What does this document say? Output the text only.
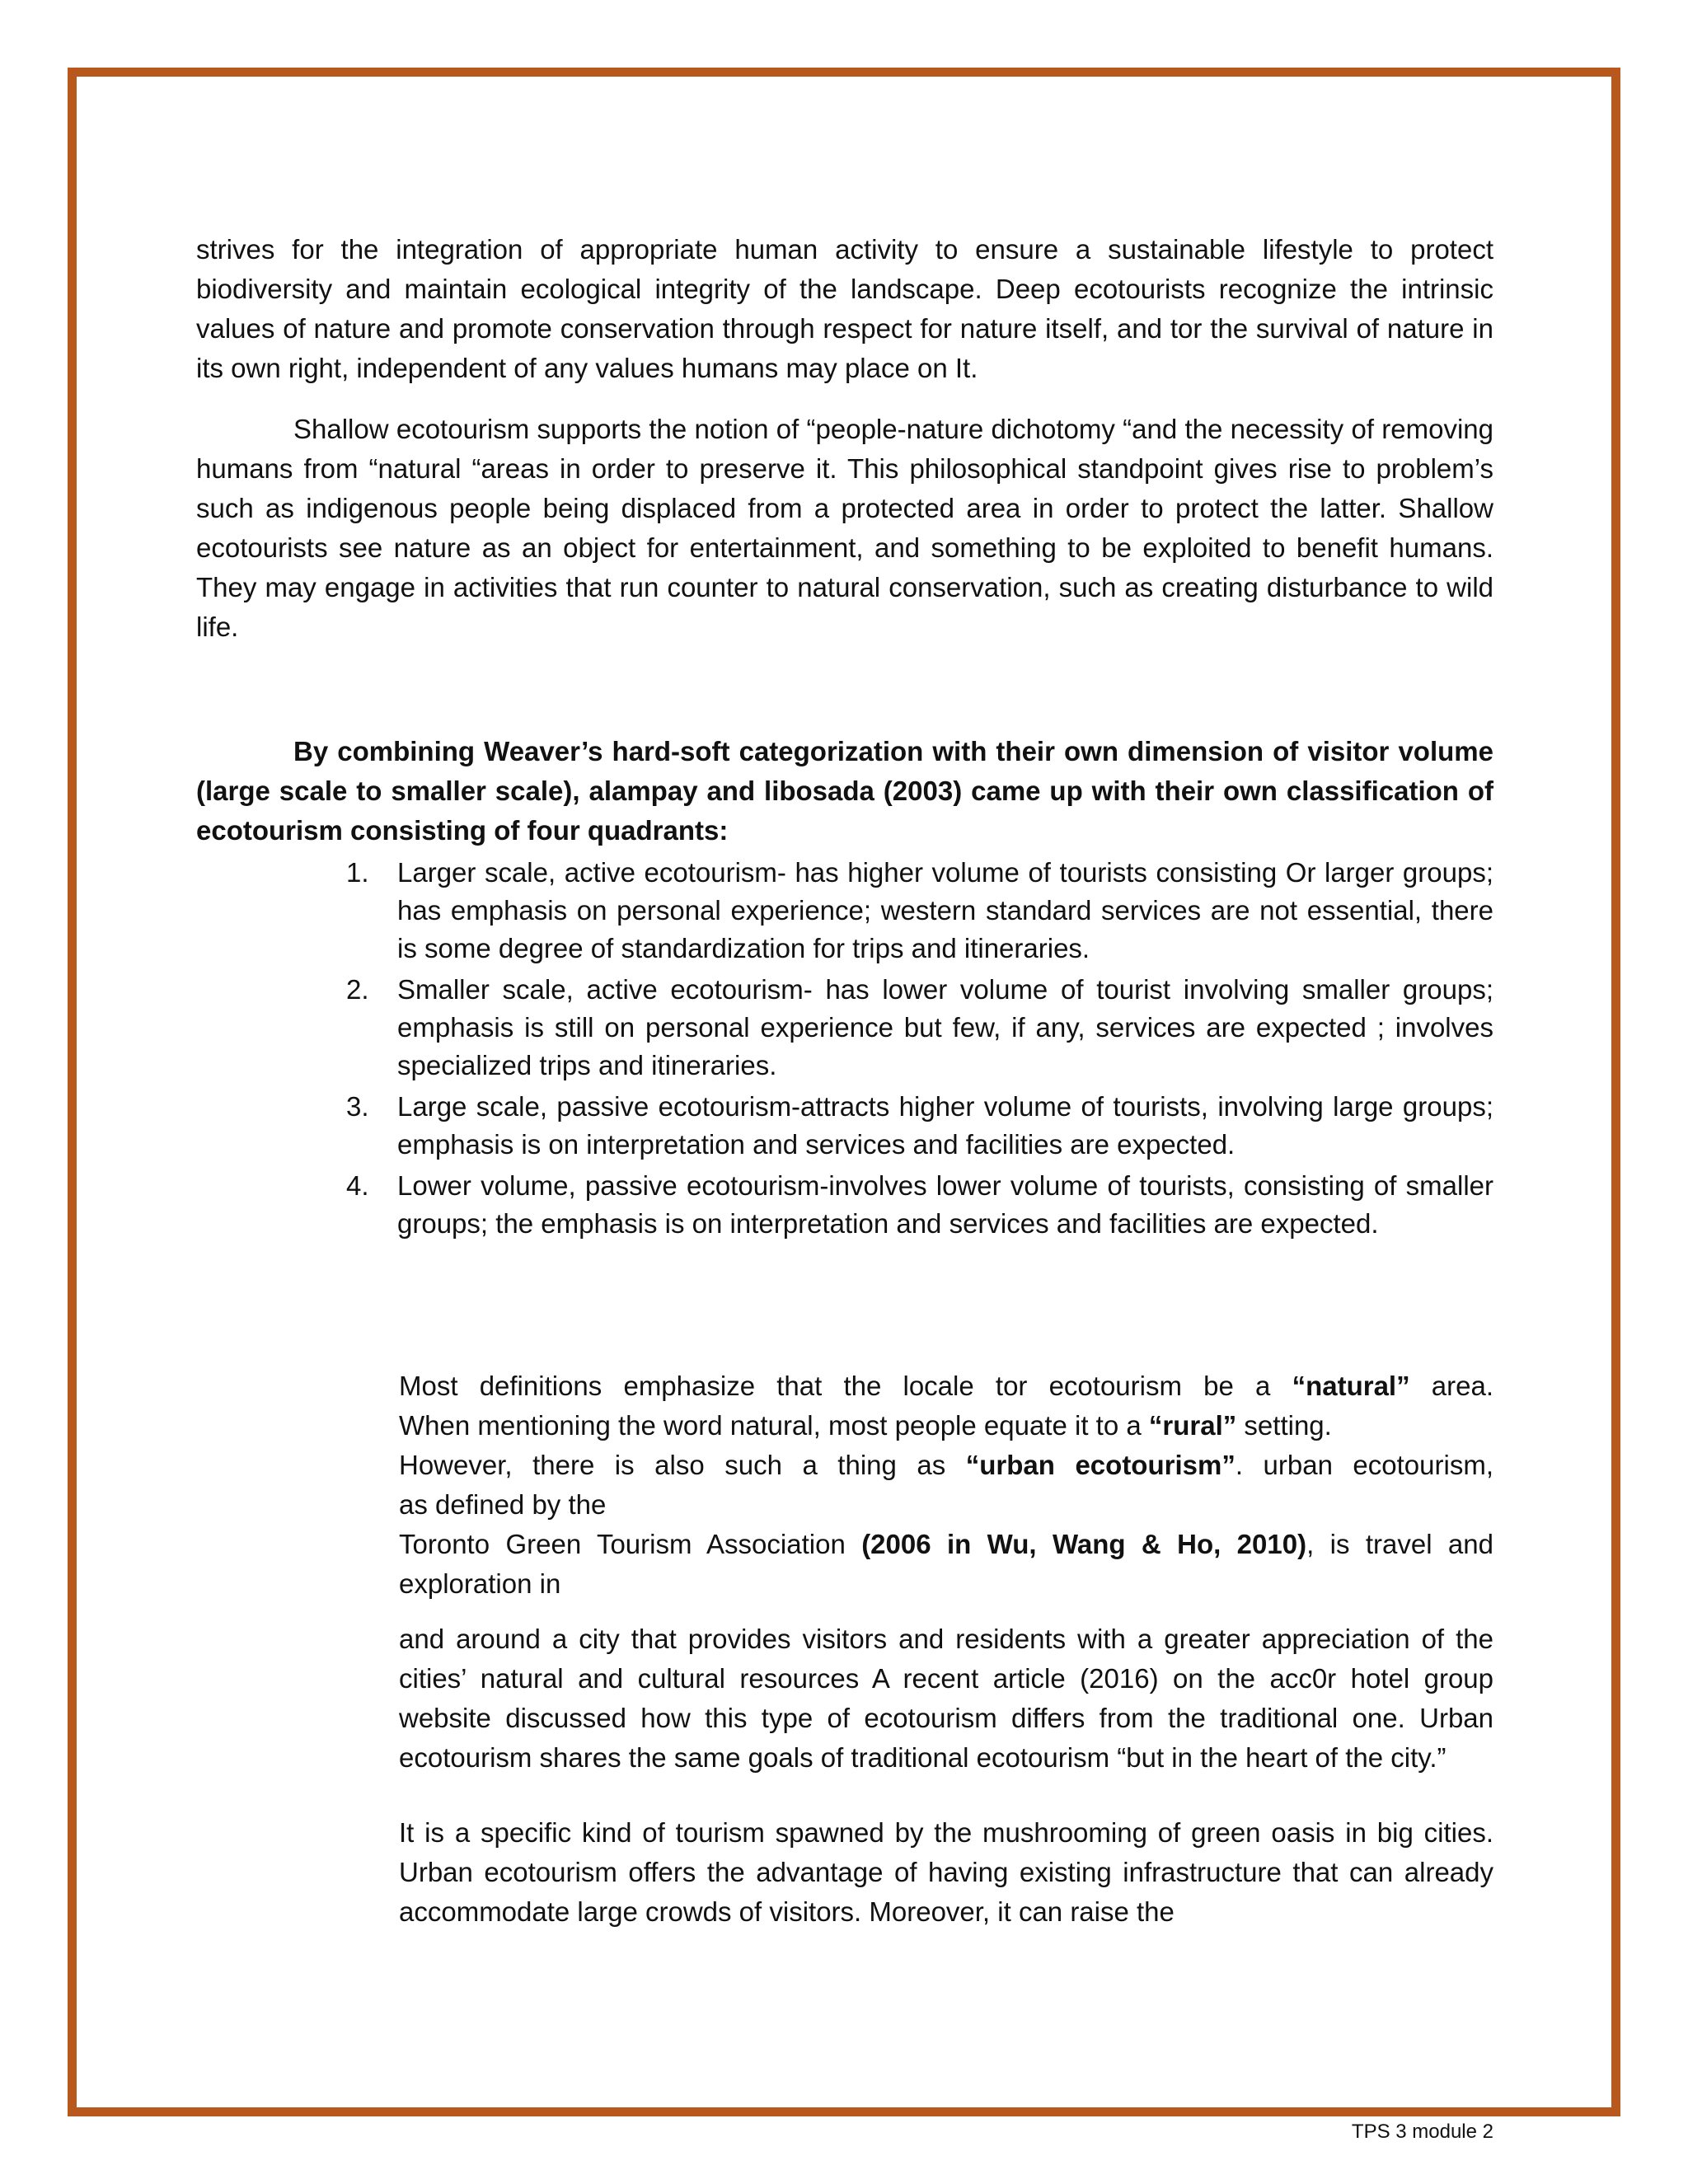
strives for the integration of appropriate human activity to ensure a sustainable lifestyle to protect biodiversity and maintain ecological integrity of the landscape. Deep ecotourists recognize the intrinsic values of nature and promote conservation through respect for nature itself, and tor the survival of nature in its own right, independent of any values humans may place on It.

Shallow ecotourism supports the notion of “people-nature dichotomy “and the necessity of removing humans from “natural “areas in order to preserve it. This philosophical standpoint gives rise to problem’s such as indigenous people being displaced from a protected area in order to protect the latter. Shallow ecotourists see nature as an object for entertainment, and something to be exploited to benefit humans. They may engage in activities that run counter to natural conservation, such as creating disturbance to wild life.

By combining Weaver’s hard-soft categorization with their own dimension of visitor volume (large scale to smaller scale), alampay and libosada (2003) came up with their own classification of ecotourism consisting of four quadrants:

1. Larger scale, active ecotourism- has higher volume of tourists consisting Or larger groups; has emphasis on personal experience; western standard services are not essential, there is some degree of standardization for trips and itineraries.
2. Smaller scale, active ecotourism- has lower volume of tourist involving smaller groups; emphasis is still on personal experience but few, if any, services are expected ; involves specialized trips and itineraries.
3. Large scale, passive ecotourism-attracts higher volume of tourists, involving large groups; emphasis is on interpretation and services and facilities are expected.
4. Lower volume, passive ecotourism-involves lower volume of tourists, consisting of smaller groups; the emphasis is on interpretation and services and facilities are expected.
Most definitions emphasize that the locale tor ecotourism be a “natural” area.
When mentioning the word natural, most people equate it to a “rural” setting.
However, there is also such a thing as “urban ecotourism”. urban ecotourism,
as defined by the
Toronto Green Tourism Association (2006 in Wu, Wang & Ho, 2010), is travel and
exploration in

and around a city that provides visitors and residents with a greater appreciation of the cities’ natural and cultural resources A recent article (2016) on the acc0r hotel group website discussed how this type of ecotourism differs from the traditional one. Urban ecotourism shares the same goals of traditional ecotourism “but in the heart of the city.”

It is a specific kind of tourism spawned by the mushrooming of green oasis in big cities. Urban ecotourism offers the advantage of having existing infrastructure that can already accommodate large crowds of visitors. Moreover, it can raise the

TPS 3 module 2
